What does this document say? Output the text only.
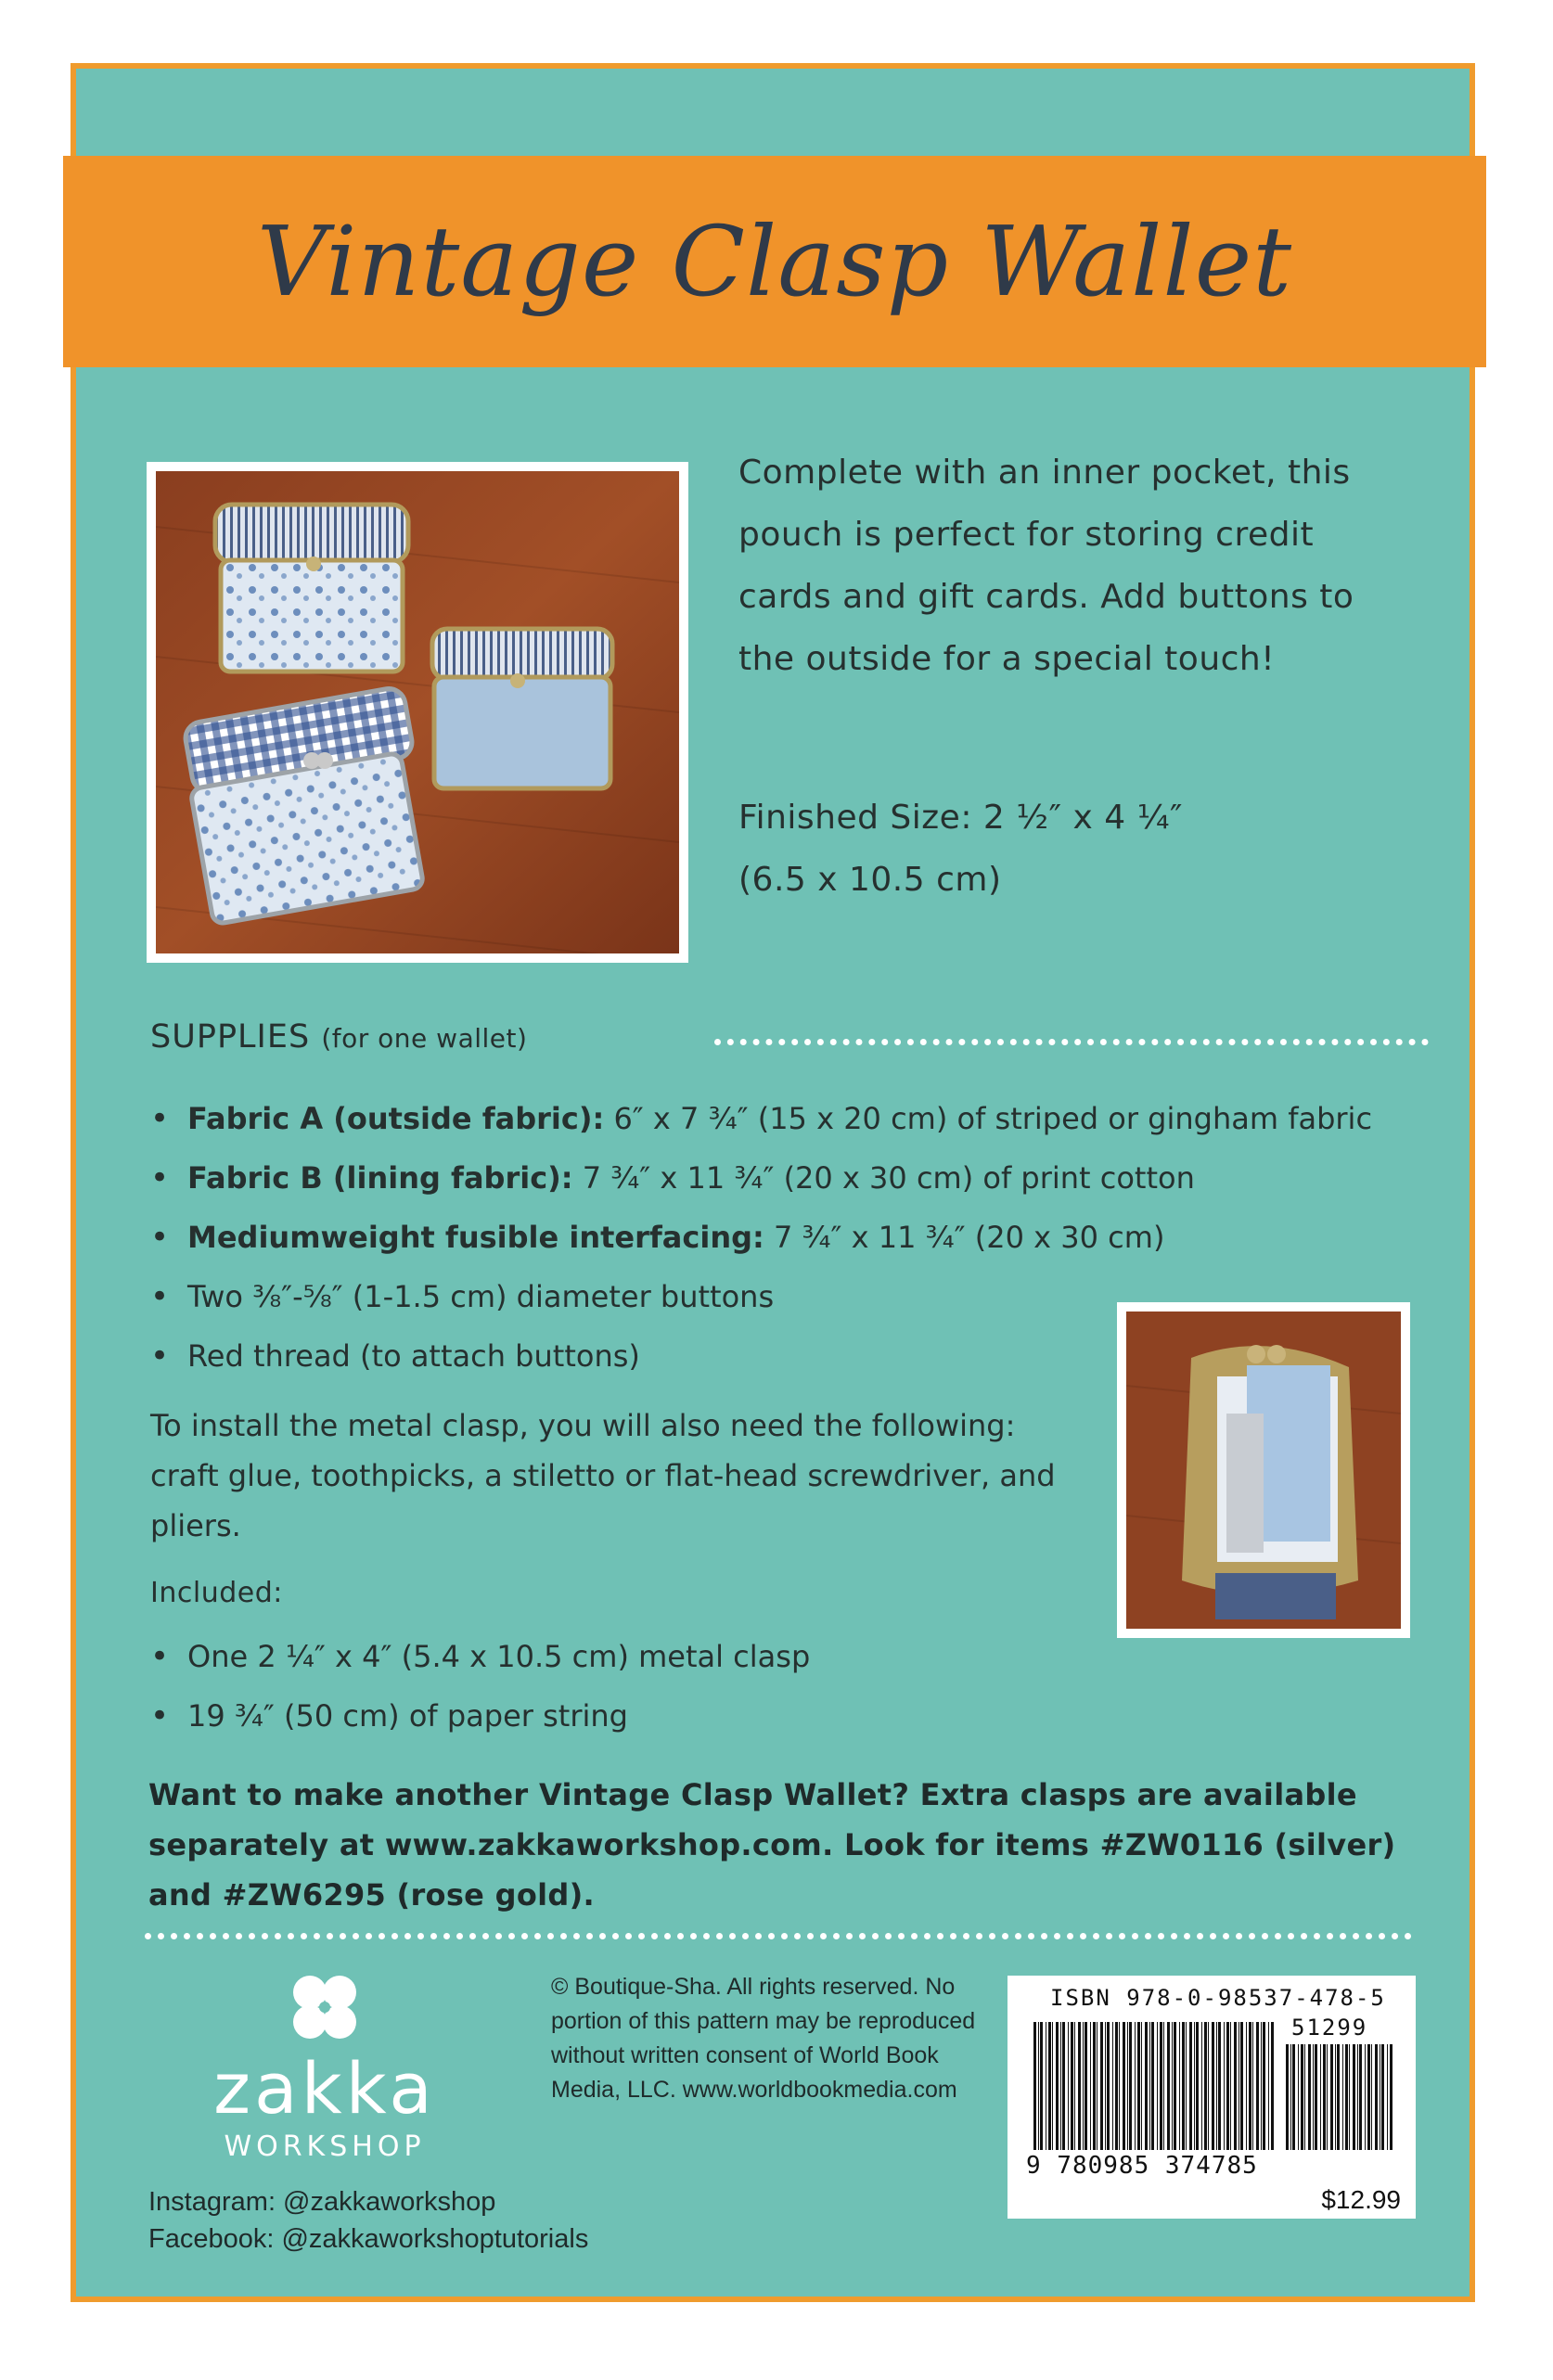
Vintage Clasp Wallet

Complete with an inner pocket, this pouch is perfect for storing credit cards and gift cards. Add buttons to the outside for a special touch!

Finished Size: 2 ½″ x 4 ¼″
(6.5 x 10.5 cm)
SUPPLIES (for one wallet)
• Fabric A (outside fabric): 6″ x 7 ¾″ (15 x 20 cm) of striped or gingham fabric
• Fabric B (lining fabric): 7 ¾″ x 11 ¾″ (20 x 30 cm) of print cotton
• Mediumweight fusible interfacing: 7 ¾″ x 11 ¾″ (20 x 30 cm)
• Two ³⁄₈″-⁵⁄₈″ (1-1.5 cm) diameter buttons
• Red thread (to attach buttons)

To install the metal clasp, you will also need the following: craft glue, toothpicks, a stiletto or flat-head screwdriver, and pliers.

Included:
• One 2 ¼″ x 4″ (5.4 x 10.5 cm) metal clasp
• 19 ¾″ (50 cm) of paper string

Want to make another Vintage Clasp Wallet? Extra clasps are available separately at www.zakkaworkshop.com. Look for items #ZW0116 (silver) and #ZW6295 (rose gold).

zakka
WORKSHOP
Instagram: @zakkaworkshop
Facebook: @zakkaworkshoptutorials

© Boutique-Sha. All rights reserved. No portion of this pattern may be reproduced without written consent of World Book Media, LLC. www.worldbookmedia.com

ISBN 978-0-98537-478-5
51299
9 780985 374785
$12.99
